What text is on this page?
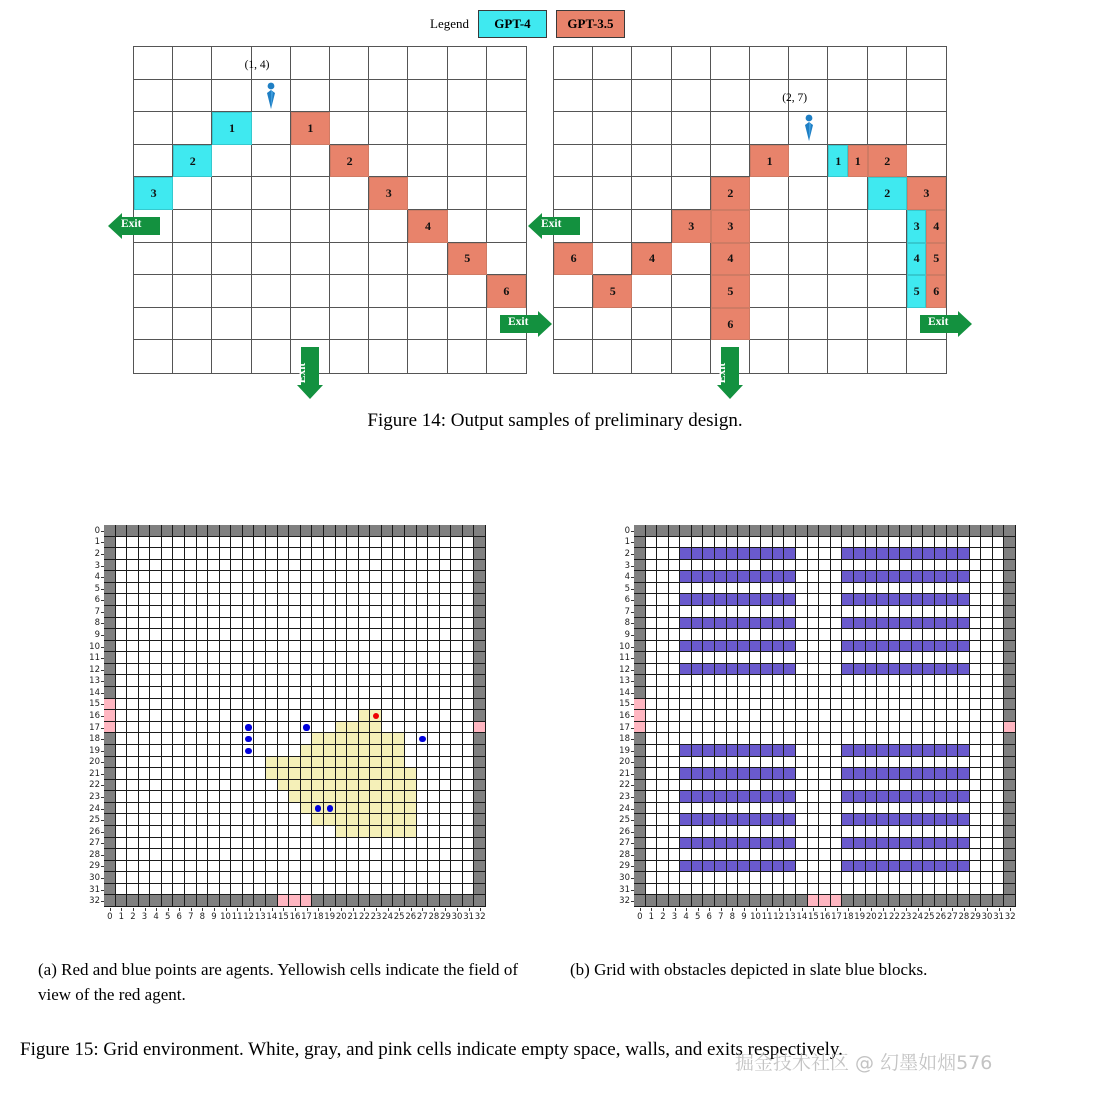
Legend GPT-4	GPT-3.5
1
2
3
1
2
3
4
5
6
(1, 4)
Exit
Exit
Exit
1
2
3	3
6	4	4
5	5
6
1	1	2
2	3
3	4
4	5
5	6
(2, 7)
Exit
Exit
Exit
Figure 14: Output samples of preliminary design.
0
1
2
3
4
5
6
7
8
9
10
11
12
13
14
15
16
17
18
19
20
21
22
23
24
25
26
27
28
29
30
31
32
0 1 2 3 4 5 6 7 8 9 10 11 12 13 14 15 16 17 18 19 20 21 22 23 24 25 26 27 28 29 30 31 32
0
1
2
3
4
5
6
7
8
9
10
11
12
13
14
15
16
17
18
19
20
21
22
23
24
25
26
27
28
29
30
31
32
0 1 2 3 4 5 6 7 8 9 10 11 12 13 14 15 16 17 18 19 20 21 22 23 24 25 26 27 28 29 30 31 32
(a) Red and blue points are agents. Yellowish cells indicate the field of view of the red agent.
(b) Grid with obstacles depicted in slate blue blocks.
Figure 15: Grid environment. White, gray, and pink cells indicate empty space, walls, and exits respectively.
掘金技术社区 @ 幻墨如烟576
